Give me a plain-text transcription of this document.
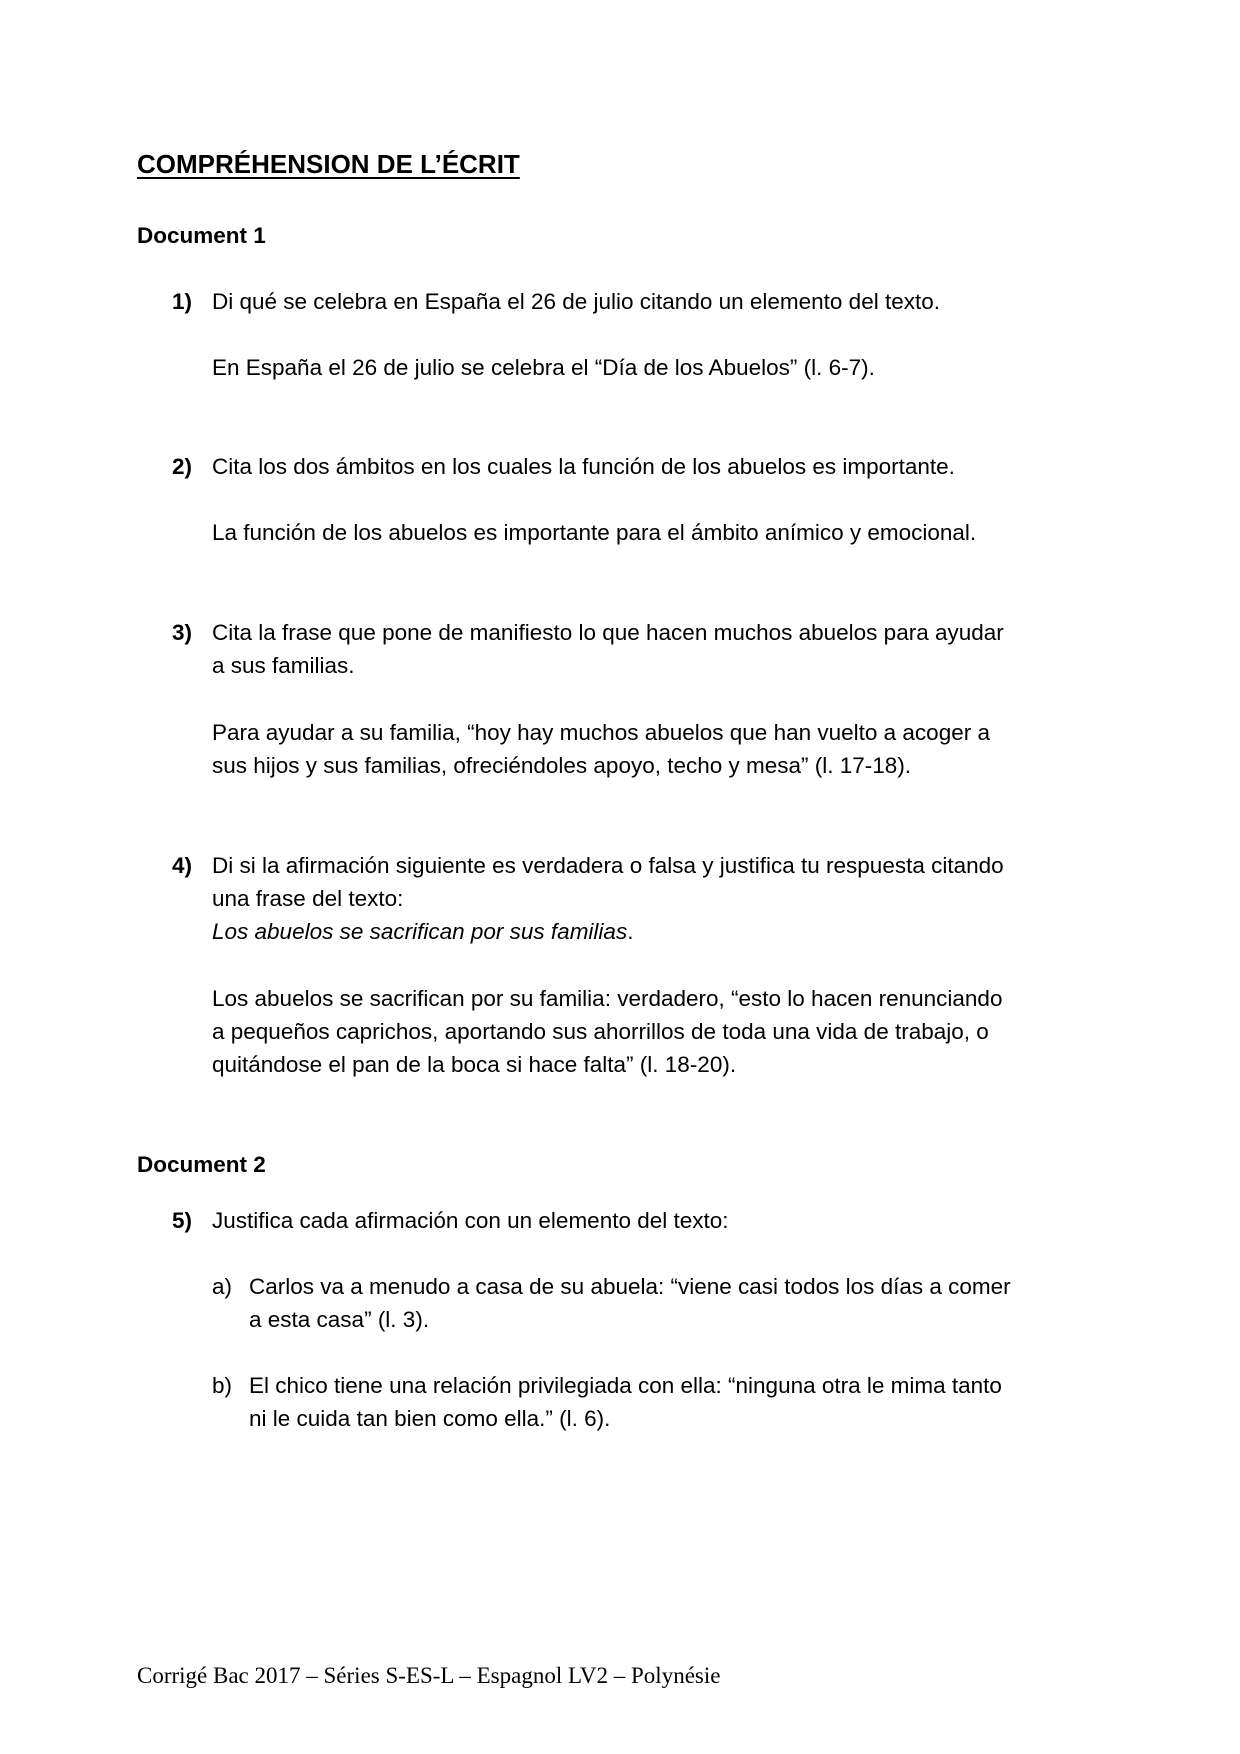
COMPRÉHENSION DE L’ÉCRIT
Document 1
1) Di qué se celebra en España el 26 de julio citando un elemento del texto.
En España el 26 de julio se celebra el “Día de los Abuelos” (l. 6-7).
2) Cita los dos ámbitos en los cuales la función de los abuelos es importante.
La función de los abuelos es importante para el ámbito anímico y emocional.
3) Cita la frase que pone de manifiesto lo que hacen muchos abuelos para ayudar
a sus familias.
Para ayudar a su familia, “hoy hay muchos abuelos que han vuelto a acoger a
sus hijos y sus familias, ofreciéndoles apoyo, techo y mesa” (l. 17-18).
4) Di si la afirmación siguiente es verdadera o falsa y justifica tu respuesta citando
una frase del texto:
Los abuelos se sacrifican por sus familias.
Los abuelos se sacrifican por su familia: verdadero, “esto lo hacen renunciando
a pequeños caprichos, aportando sus ahorrillos de toda una vida de trabajo, o
quitándose el pan de la boca si hace falta” (l. 18-20).
Document 2
5) Justifica cada afirmación con un elemento del texto:
a) Carlos va a menudo a casa de su abuela: “viene casi todos los días a comer
a esta casa” (l. 3).
b) El chico tiene una relación privilegiada con ella: “ninguna otra le mima tanto
ni le cuida tan bien como ella.” (l. 6).
Corrigé Bac 2017 – Séries S-ES-L – Espagnol LV2 – Polynésie
